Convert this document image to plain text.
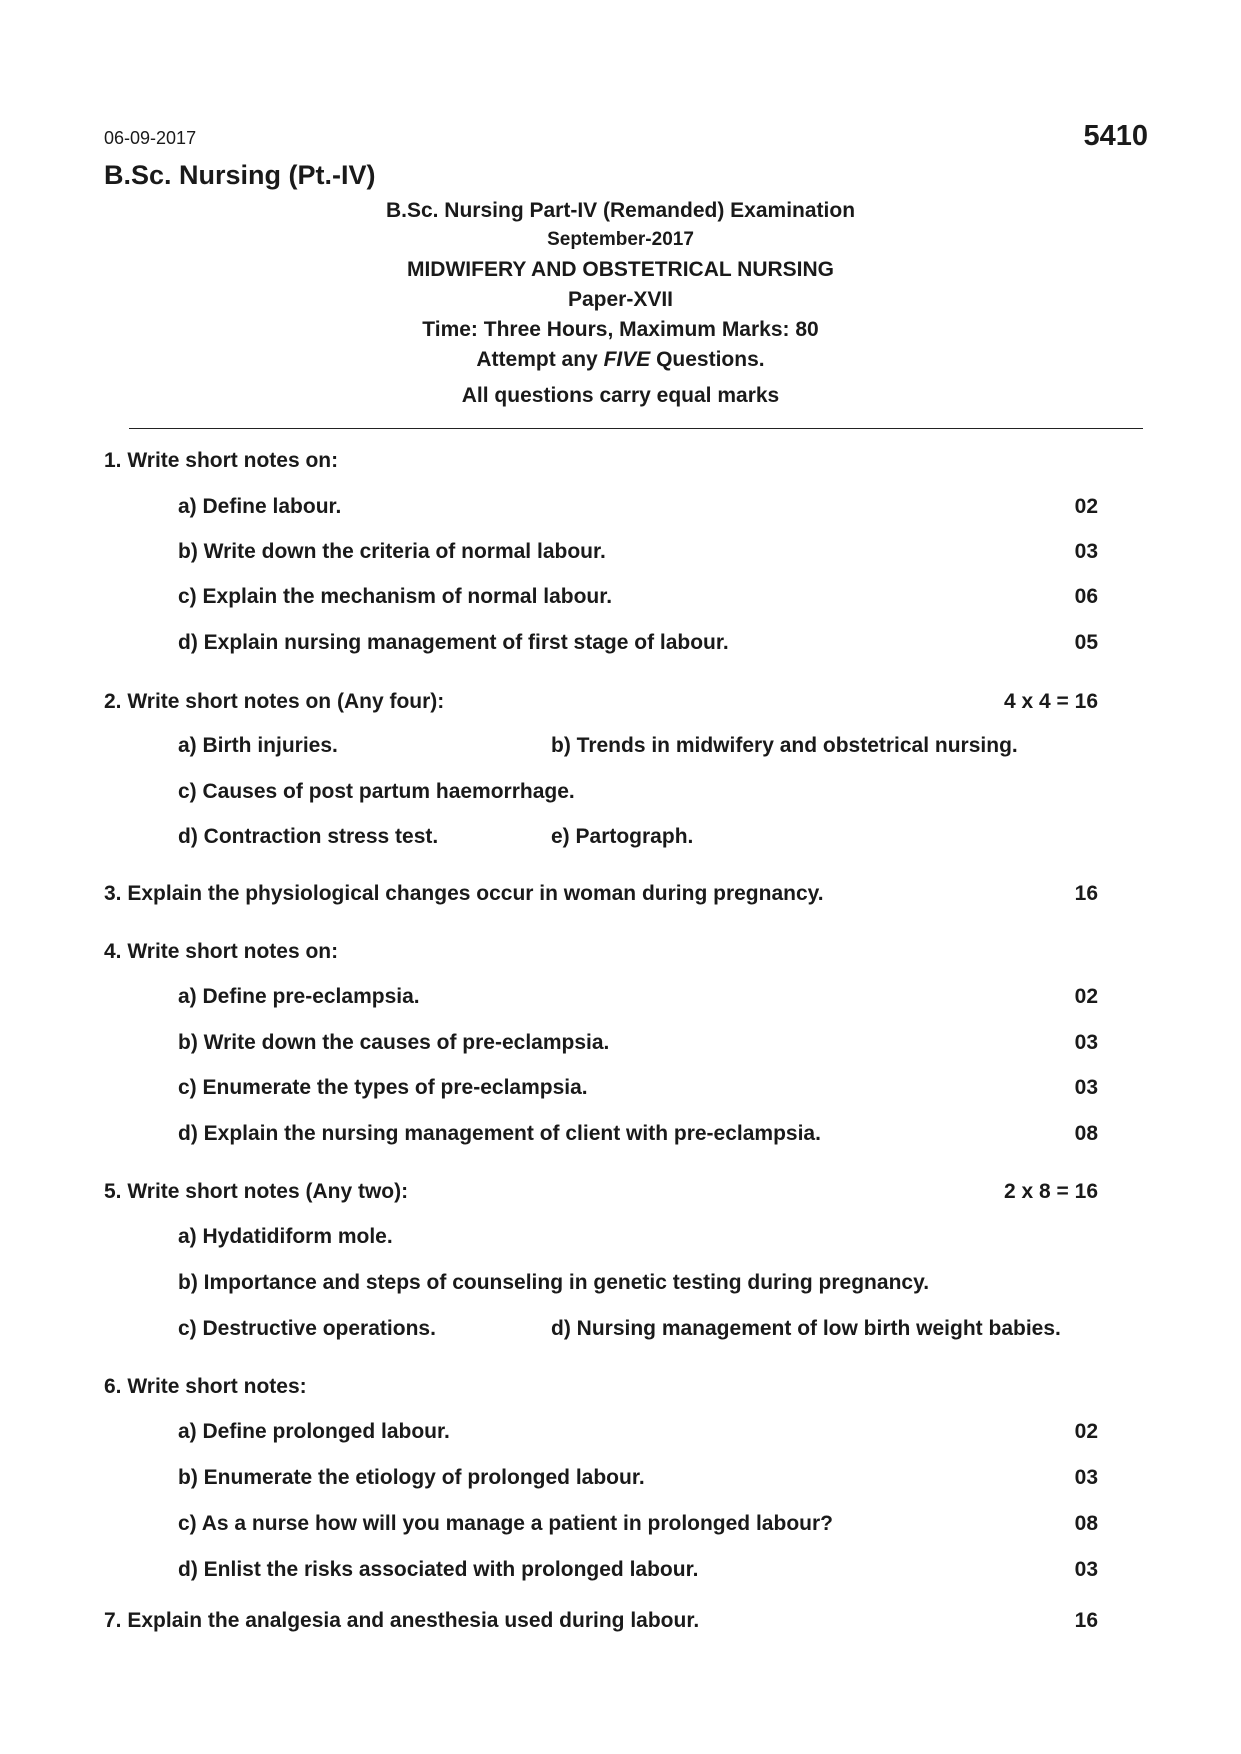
06-09-2017	5410
B.Sc. Nursing (Pt.-IV)
B.Sc. Nursing Part-IV (Remanded) Examination
September-2017
MIDWIFERY AND OBSTETRICAL NURSING
Paper-XVII
Time: Three Hours, Maximum Marks: 80
Attempt any FIVE Questions.
All questions carry equal marks
1. Write short notes on:
a) Define labour.	02
b) Write down the criteria of normal labour.	03
c) Explain the mechanism of normal labour.	06
d) Explain nursing management of first stage of labour.	05
2. Write short notes on (Any four):	4 x 4 = 16
a) Birth injuries.	b) Trends in midwifery and obstetrical nursing.
c) Causes of post partum haemorrhage.
d) Contraction stress test.	e) Partograph.
3. Explain the physiological changes occur in woman during pregnancy.	16
4. Write short notes on:
a) Define pre-eclampsia.	02
b) Write down the causes of pre-eclampsia.	03
c) Enumerate the types of pre-eclampsia.	03
d) Explain the nursing management of client with pre-eclampsia.	08
5. Write short notes (Any two):	2 x 8 = 16
a) Hydatidiform mole.
b) Importance and steps of counseling in genetic testing during pregnancy.
c) Destructive operations.	d) Nursing management of low birth weight babies.
6. Write short notes:
a) Define prolonged labour.	02
b) Enumerate the etiology of prolonged labour.	03
c) As a nurse how will you manage a patient in prolonged labour?	08
d) Enlist the risks associated with prolonged labour.	03
7. Explain the analgesia and anesthesia used during labour.	16
